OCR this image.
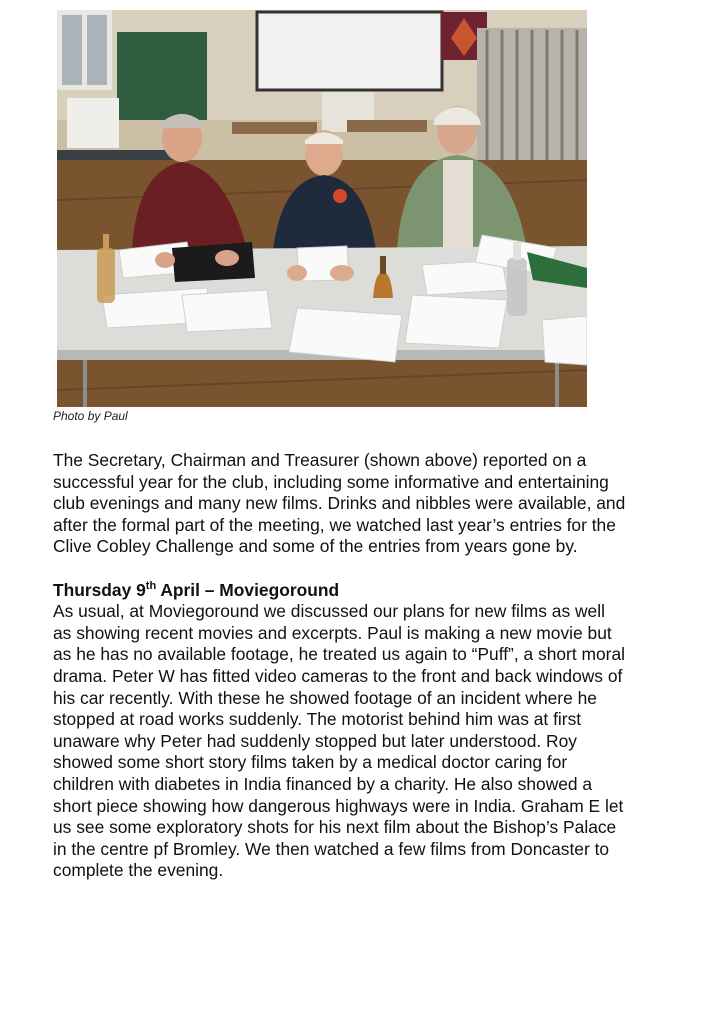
Photo by Paul

The Secretary, Chairman and Treasurer (shown above) reported on a
successful year for the club, including some informative and entertaining
club evenings and many new films. Drinks and nibbles were available, and
after the formal part of the meeting, we watched last year’s entries for the
Clive Cobley Challenge and some of the entries from years gone by.

Thursday 9th April – Moviegoround

As usual, at Moviegoround we discussed our plans for new films as well
as showing recent movies and excerpts. Paul is making a new movie but
as he has no available footage, he treated us again to “Puff”, a short moral
drama. Peter W has fitted video cameras to the front and back windows of
his car recently. With these he showed footage of an incident where he
stopped at road works suddenly. The motorist behind him was at first
unaware why Peter had suddenly stopped but later understood. Roy
showed some short story films taken by a medical doctor caring for
children with diabetes in India financed by a charity. He also showed a
short piece showing how dangerous highways were in India. Graham E let
us see some exploratory shots for his next film about the Bishop’s Palace
in the centre pf Bromley. We then watched a few films from Doncaster to
complete the evening.
